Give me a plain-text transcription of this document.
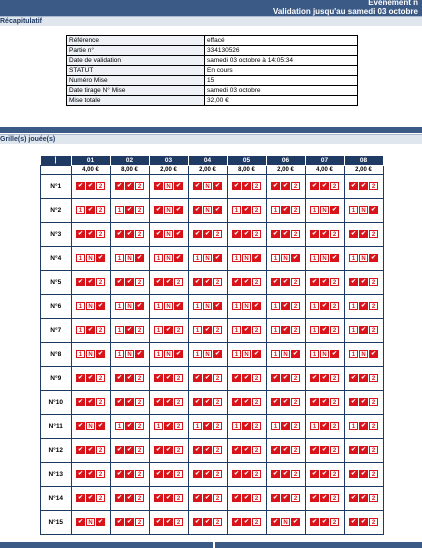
Evénement n
Validation jusqu'au samedi 03 octobre
Récapitulatif
Référence	effacé
Partie n°	334130526
Date de validation	samedi 03 octobre à 14:05:34
STATUT	En cours
Numéro Mise	15
Date tirage N° Mise	samedi 03 octobre
Mise totale	32,00 €
Grille(s) jouée(s)
|	01	02	03	04	05	06	07	08
	4,00 €	8,00 €	2,00 €	2,00 €	8,00 €	2,00 €	4,00 €	2,00 €
N°1	✔ ✔ 2	✔ ✔ 2	✔ N ✔	✔ N ✔	✔ ✔ 2	✔ ✔ 2	✔ ✔ 2	✔ ✔ 2
N°2	1 ✔ 2	1 ✔ 2	✔ N ✔	✔ N ✔	1 ✔ 2	1 ✔ 2	1 N ✔	1 N ✔
N°3	✔ ✔ 2	✔ ✔ 2	✔ N ✔	✔ ✔ 2	✔ ✔ 2	✔ ✔ 2	✔ ✔ 2	✔ ✔ 2
N°4	1 N ✔	1 N ✔	1 N ✔	1 N ✔	1 N ✔	1 N ✔	1 N ✔	1 N ✔
N°5	✔ ✔ 2	✔ ✔ 2	✔ ✔ 2	✔ ✔ 2	✔ ✔ 2	✔ ✔ 2	✔ ✔ 2	✔ ✔ 2
N°6	1 N ✔	1 N ✔	1 N ✔	1 N ✔	1 N ✔	1 ✔ 2	1 ✔ 2	1 ✔ 2
N°7	1 ✔ 2	1 ✔ 2	1 ✔ 2	1 ✔ 2	1 ✔ 2	1 ✔ 2	1 ✔ 2	1 ✔ 2
N°8	1 N ✔	1 N ✔	1 N ✔	1 N ✔	1 N ✔	1 N ✔	1 N ✔	1 N ✔
N°9	✔ ✔ 2	✔ ✔ 2	✔ ✔ 2	✔ ✔ 2	✔ ✔ 2	✔ ✔ 2	✔ ✔ 2	✔ ✔ 2
N°10	✔ ✔ 2	✔ ✔ 2	✔ ✔ 2	✔ ✔ 2	✔ ✔ 2	✔ ✔ 2	✔ ✔ 2	✔ ✔ 2
N°11	✔ N ✔	1 ✔ 2	1 ✔ 2	1 ✔ 2	1 ✔ 2	1 ✔ 2	1 ✔ 2	1 ✔ 2
N°12	✔ ✔ 2	✔ ✔ 2	✔ ✔ 2	✔ ✔ 2	✔ ✔ 2	✔ ✔ 2	✔ ✔ 2	✔ ✔ 2
N°13	✔ ✔ 2	✔ ✔ 2	✔ ✔ 2	✔ ✔ 2	✔ ✔ 2	✔ ✔ 2	✔ ✔ 2	✔ ✔ 2
N°14	✔ ✔ 2	✔ ✔ 2	✔ ✔ 2	✔ ✔ 2	✔ ✔ 2	✔ ✔ 2	✔ ✔ 2	✔ ✔ 2
N°15	✔ N ✔	✔ ✔ 2	✔ ✔ 2	✔ ✔ 2	✔ ✔ 2	✔ N ✔	✔ ✔ 2	✔ ✔ 2
